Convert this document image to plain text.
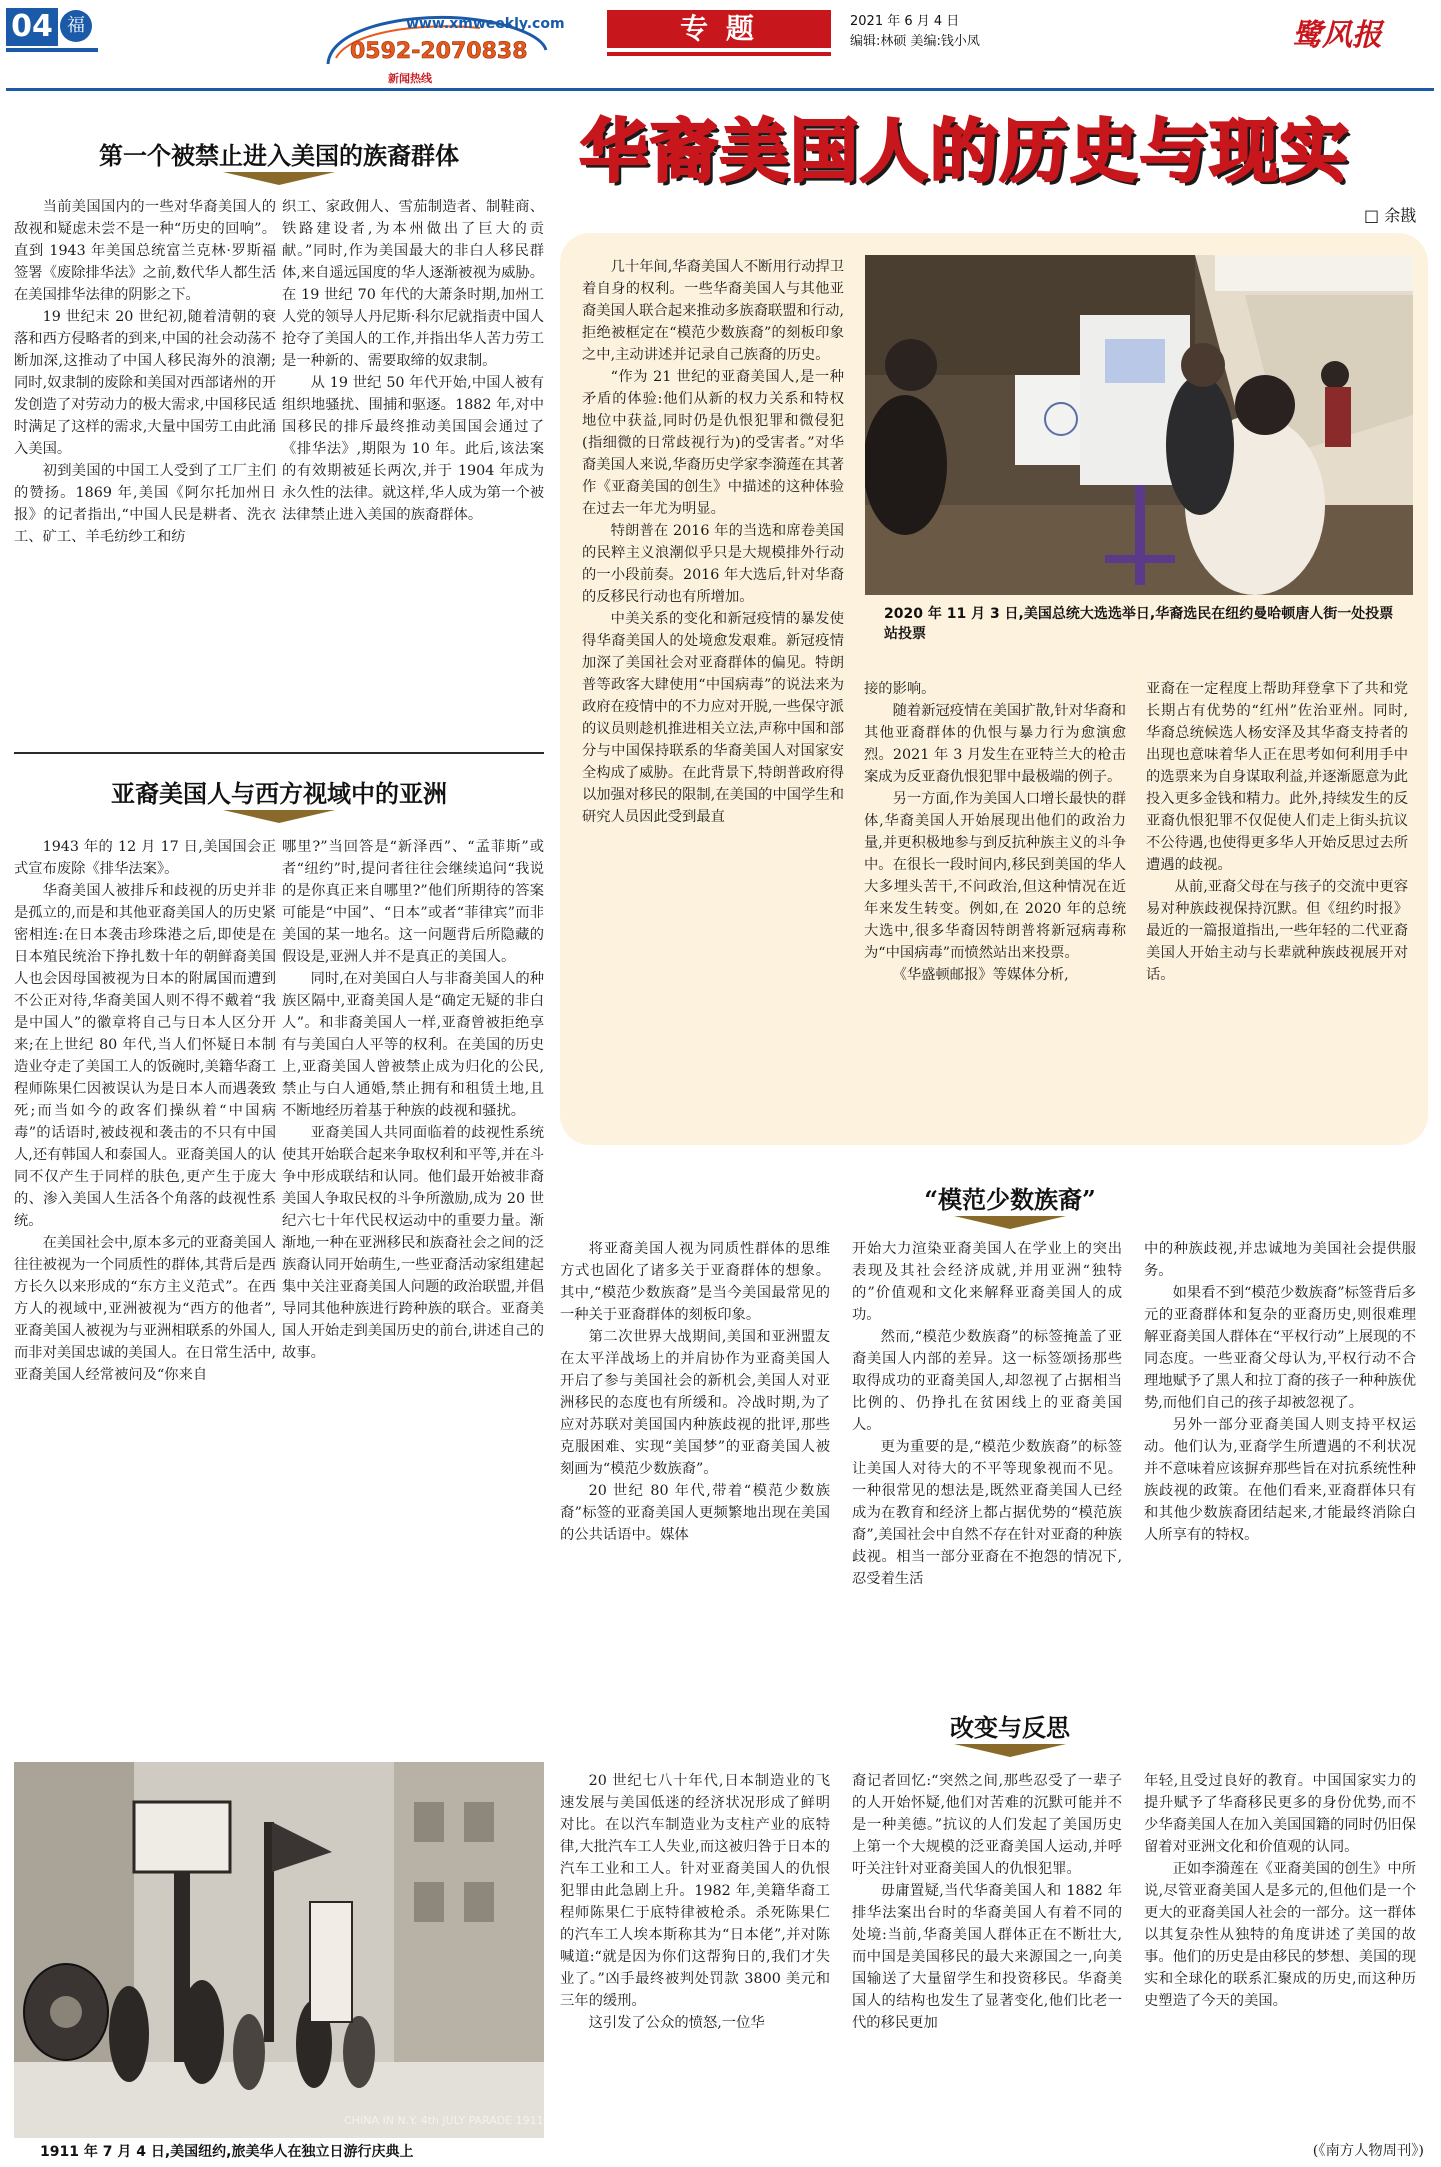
04 福	www.xmweekly.com
0592-2070838
新闻热线
专 题	2021 年 6 月 4 日
编辑:林硕 美编:钱小凤	鹭风报
华裔美国人的历史与现实
□ 余戡
第一个被禁止进入美国的族裔群体

当前美国国内的一些对华裔美国人的敌视和疑虑未尝不是一种“历史的回响”。直到 1943 年美国总统富兰克林·罗斯福签署《废除排华法》之前,数代华人都生活在美国排华法律的阴影之下。

19 世纪末 20 世纪初,随着清朝的衰落和西方侵略者的到来,中国的社会动荡不断加深,这推动了中国人移民海外的浪潮;同时,奴隶制的废除和美国对西部诸州的开发创造了对劳动力的极大需求,中国移民适时满足了这样的需求,大量中国劳工由此涌入美国。

初到美国的中国工人受到了工厂主们的赞扬。1869 年,美国《阿尔托加州日报》的记者指出,“中国人民是耕者、洗衣工、矿工、羊毛纺纱工和纺

织工、家政佣人、雪茄制造者、制鞋商、铁路建设者,为本州做出了巨大的贡献。”同时,作为美国最大的非白人移民群体,来自遥远国度的华人逐渐被视为威胁。在 19 世纪 70 年代的大萧条时期,加州工人党的领导人丹尼斯·科尔尼就指责中国人抢夺了美国人的工作,并指出华人苦力劳工是一种新的、需要取缔的奴隶制。

从 19 世纪 50 年代开始,中国人被有组织地骚扰、围捕和驱逐。1882 年,对中国移民的排斥最终推动美国国会通过了《排华法》,期限为 10 年。此后,该法案的有效期被延长两次,并于 1904 年成为永久性的法律。就这样,华人成为第一个被法律禁止进入美国的族裔群体。

2020 年 11 月 3 日,美国总统大选选举日,华裔选民在纽约曼哈顿唐人街一处投票站投票

几十年间,华裔美国人不断用行动捍卫着自身的权利。一些华裔美国人与其他亚裔美国人联合起来推动多族裔联盟和行动,拒绝被框定在“模范少数族裔”的刻板印象之中,主动讲述并记录自己族裔的历史。

“作为 21 世纪的亚裔美国人,是一种矛盾的体验:他们从新的权力关系和特权地位中获益,同时仍是仇恨犯罪和微侵犯(指细微的日常歧视行为)的受害者。”对华裔美国人来说,华裔历史学家李漪莲在其著作《亚裔美国的创生》中描述的这种体验在过去一年尤为明显。

特朗普在 2016 年的当选和席卷美国的民粹主义浪潮似乎只是大规模排外行动的一小段前奏。2016 年大选后,针对华裔的反移民行动也有所增加。

中美关系的变化和新冠疫情的暴发使得华裔美国人的处境愈发艰难。新冠疫情加深了美国社会对亚裔群体的偏见。特朗普等政客大肆使用“中国病毒”的说法来为政府在疫情中的不力应对开脱,一些保守派的议员则趁机推进相关立法,声称中国和部分与中国保持联系的华裔美国人对国家安全构成了威胁。在此背景下,特朗普政府得以加强对移民的限制,在美国的中国学生和研究人员因此受到最直

接的影响。

随着新冠疫情在美国扩散,针对华裔和其他亚裔群体的仇恨与暴力行为愈演愈烈。2021 年 3 月发生在亚特兰大的枪击案成为反亚裔仇恨犯罪中最极端的例子。

另一方面,作为美国人口增长最快的群体,华裔美国人开始展现出他们的政治力量,并更积极地参与到反抗种族主义的斗争中。在很长一段时间内,移民到美国的华人大多埋头苦干,不问政治,但这种情况在近年来发生转变。例如,在 2020 年的总统大选中,很多华裔因特朗普将新冠病毒称为“中国病毒”而愤然站出来投票。

《华盛顿邮报》等媒体分析,

亚裔在一定程度上帮助拜登拿下了共和党长期占有优势的“红州”佐治亚州。同时,华裔总统候选人杨安泽及其华裔支持者的出现也意味着华人正在思考如何利用手中的选票来为自身谋取利益,并逐渐愿意为此投入更多金钱和精力。此外,持续发生的反亚裔仇恨犯罪不仅促使人们走上街头抗议不公待遇,也使得更多华人开始反思过去所遭遇的歧视。

从前,亚裔父母在与孩子的交流中更容易对种族歧视保持沉默。但《纽约时报》最近的一篇报道指出,一些年轻的二代亚裔美国人开始主动与长辈就种族歧视展开对话。

亚裔美国人与西方视域中的亚洲

1943 年的 12 月 17 日,美国国会正式宣布废除《排华法案》。

华裔美国人被排斥和歧视的历史并非是孤立的,而是和其他亚裔美国人的历史紧密相连:在日本袭击珍珠港之后,即使是在日本殖民统治下挣扎数十年的朝鲜裔美国人也会因母国被视为日本的附属国而遭到不公正对待,华裔美国人则不得不戴着“我是中国人”的徽章将自己与日本人区分开来;在上世纪 80 年代,当人们怀疑日本制造业夺走了美国工人的饭碗时,美籍华裔工程师陈果仁因被误认为是日本人而遇袭致死;而当如今的政客们操纵着“中国病毒”的话语时,被歧视和袭击的不只有中国人,还有韩国人和泰国人。亚裔美国人的认同不仅产生于同样的肤色,更产生于庞大的、渗入美国人生活各个角落的歧视性系统。

在美国社会中,原本多元的亚裔美国人往往被视为一个同质性的群体,其背后是西方长久以来形成的“东方主义范式”。在西方人的视域中,亚洲被视为“西方的他者”,亚裔美国人被视为与亚洲相联系的外国人,而非对美国忠诚的美国人。在日常生活中,亚裔美国人经常被问及“你来自

哪里?”当回答是“新泽西”、“孟菲斯”或者“纽约”时,提问者往往会继续追问“我说的是你真正来自哪里?”他们所期待的答案可能是“中国”、“日本”或者“菲律宾”而非美国的某一地名。这一问题背后所隐藏的假设是,亚洲人并不是真正的美国人。

同时,在对美国白人与非裔美国人的种族区隔中,亚裔美国人是“确定无疑的非白人”。和非裔美国人一样,亚裔曾被拒绝享有与美国白人平等的权利。在美国的历史上,亚裔美国人曾被禁止成为归化的公民,禁止与白人通婚,禁止拥有和租赁土地,且不断地经历着基于种族的歧视和骚扰。

亚裔美国人共同面临着的歧视性系统使其开始联合起来争取权利和平等,并在斗争中形成联结和认同。他们最开始被非裔美国人争取民权的斗争所激励,成为 20 世纪六七十年代民权运动中的重要力量。渐渐地,一种在亚洲移民和族裔社会之间的泛族裔认同开始萌生,一些亚裔活动家组建起集中关注亚裔美国人问题的政治联盟,并倡导同其他种族进行跨种族的联合。亚裔美国人开始走到美国历史的前台,讲述自己的故事。

“模范少数族裔”

将亚裔美国人视为同质性群体的思维方式也固化了诸多关于亚裔群体的想象。其中,“模范少数族裔”是当今美国最常见的一种关于亚裔群体的刻板印象。

第二次世界大战期间,美国和亚洲盟友在太平洋战场上的并肩协作为亚裔美国人开启了参与美国社会的新机会,美国人对亚洲移民的态度也有所缓和。冷战时期,为了应对苏联对美国国内种族歧视的批评,那些克服困难、实现“美国梦”的亚裔美国人被刻画为“模范少数族裔”。

20 世纪 80 年代,带着“模范少数族裔”标签的亚裔美国人更频繁地出现在美国的公共话语中。媒体

开始大力渲染亚裔美国人在学业上的突出表现及其社会经济成就,并用亚洲“独特的”价值观和文化来解释亚裔美国人的成功。

然而,“模范少数族裔”的标签掩盖了亚裔美国人内部的差异。这一标签颂扬那些取得成功的亚裔美国人,却忽视了占据相当比例的、仍挣扎在贫困线上的亚裔美国人。

更为重要的是,“模范少数族裔”的标签让美国人对待大的不平等现象视而不见。一种很常见的想法是,既然亚裔美国人已经成为在教育和经济上都占据优势的“模范族裔”,美国社会中自然不存在针对亚裔的种族歧视。相当一部分亚裔在不抱怨的情况下,忍受着生活

中的种族歧视,并忠诚地为美国社会提供服务。

如果看不到“模范少数族裔”标签背后多元的亚裔群体和复杂的亚裔历史,则很难理解亚裔美国人群体在“平权行动”上展现的不同态度。一些亚裔父母认为,平权行动不合理地赋予了黑人和拉丁裔的孩子一种种族优势,而他们自己的孩子却被忽视了。

另外一部分亚裔美国人则支持平权运动。他们认为,亚裔学生所遭遇的不利状况并不意味着应该摒弃那些旨在对抗系统性种族歧视的政策。在他们看来,亚裔群体只有和其他少数族裔团结起来,才能最终消除白人所享有的特权。

CHINA IN N.Y. 4th JULY PARADE 1911
1911 年 7 月 4 日,美国纽约,旅美华人在独立日游行庆典上
改变与反思

20 世纪七八十年代,日本制造业的飞速发展与美国低迷的经济状况形成了鲜明对比。在以汽车制造业为支柱产业的底特律,大批汽车工人失业,而这被归咎于日本的汽车工业和工人。针对亚裔美国人的仇恨犯罪由此急剧上升。1982 年,美籍华裔工程师陈果仁于底特律被枪杀。杀死陈果仁的汽车工人埃本斯称其为“日本佬”,并对陈喊道:“就是因为你们这帮狗日的,我们才失业了。”凶手最终被判处罚款 3800 美元和三年的缓刑。

这引发了公众的愤怒,一位华

裔记者回忆:“突然之间,那些忍受了一辈子的人开始怀疑,他们对苦难的沉默可能并不是一种美德。”抗议的人们发起了美国历史上第一个大规模的泛亚裔美国人运动,并呼吁关注针对亚裔美国人的仇恨犯罪。

毋庸置疑,当代华裔美国人和 1882 年排华法案出台时的华裔美国人有着不同的处境:当前,华裔美国人群体正在不断壮大,而中国是美国移民的最大来源国之一,向美国输送了大量留学生和投资移民。华裔美国人的结构也发生了显著变化,他们比老一代的移民更加

年轻,且受过良好的教育。中国国家实力的提升赋予了华裔移民更多的身份优势,而不少华裔美国人在加入美国国籍的同时仍旧保留着对亚洲文化和价值观的认同。

正如李漪莲在《亚裔美国的创生》中所说,尽管亚裔美国人是多元的,但他们是一个更大的亚裔美国人社会的一部分。这一群体以其复杂性从独特的角度讲述了美国的故事。他们的历史是由移民的梦想、美国的现实和全球化的联系汇聚成的历史,而这种历史塑造了今天的美国。

(《南方人物周刊》)
